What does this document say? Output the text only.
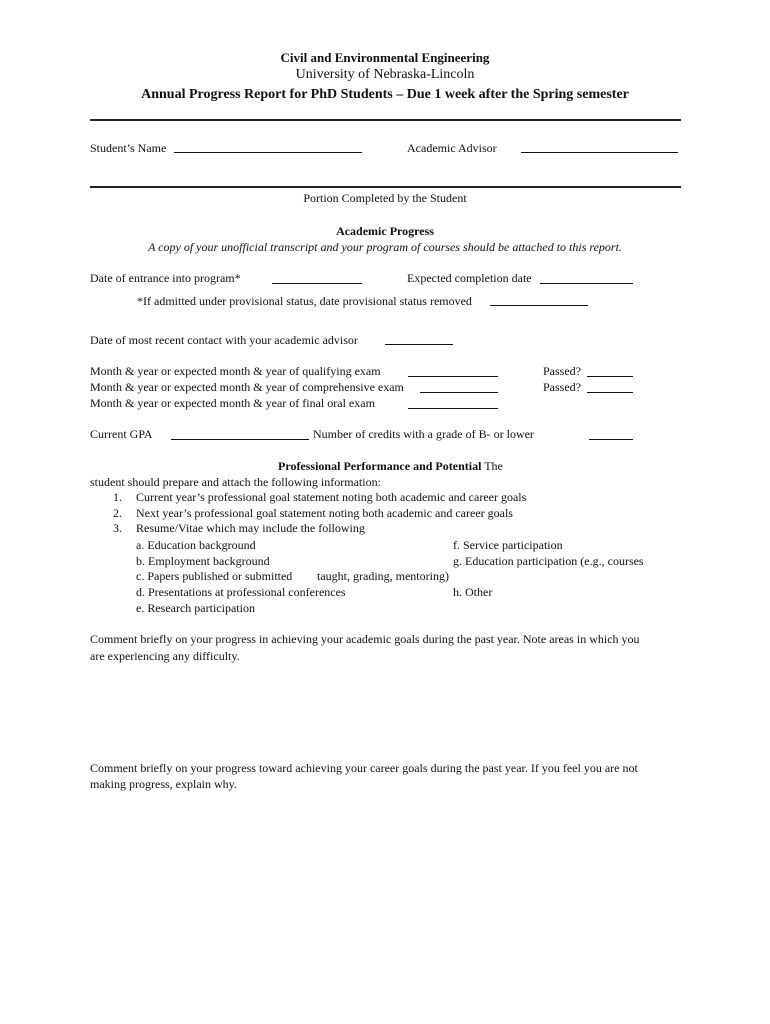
Civil and Environmental Engineering
University of Nebraska-Lincoln
Annual Progress Report for PhD Students – Due 1 week after the Spring semester
Student’s Name	Academic Advisor
Portion Completed by the Student
Academic Progress
A copy of your unofficial transcript and your program of courses should be attached to this report.
Date of entrance into program*	Expected completion date
*If admitted under provisional status, date provisional status removed
Date of most recent contact with your academic advisor
Month & year or expected month & year of qualifying exam	Passed?
Month & year or expected month & year of comprehensive exam	Passed?
Month & year or expected month & year of final oral exam
Current GPA	Number of credits with a grade of B- or lower
Professional Performance and Potential The
student should prepare and attach the following information:
1. Current year’s professional goal statement noting both academic and career goals
2. Next year’s professional goal statement noting both academic and career goals
3. Resume/Vitae which may include the following
a. Education background
b. Employment background
c. Papers published or submitted
d. Presentations at professional conferences
e. Research participation
f. Service participation
g. Education participation (e.g., courses
taught, grading, mentoring)
h. Other
Comment briefly on your progress in achieving your academic goals during the past year. Note areas in which you
are experiencing any difficulty.
Comment briefly on your progress toward achieving your career goals during the past year. If you feel you are not
making progress, explain why.
